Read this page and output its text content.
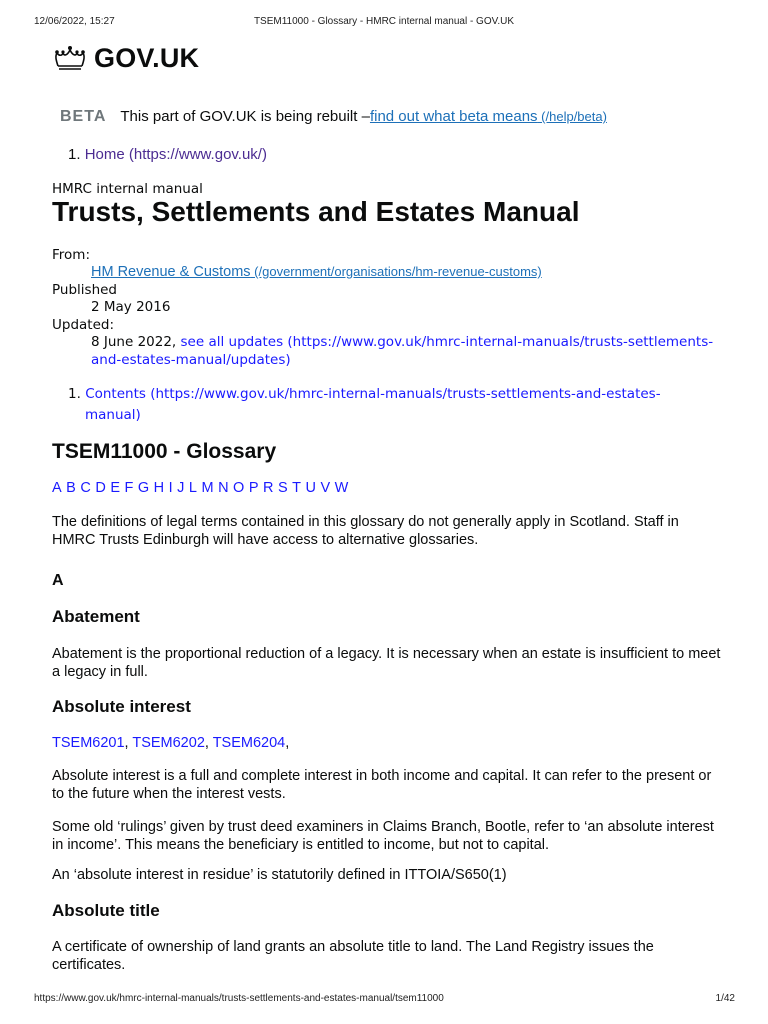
12/06/2022, 15:27	TSEM11000 - Glossary - HMRC internal manual - GOV.UK
GOV.UK
BETA This part of GOV.UK is being rebuilt – find out what beta means (/help/beta)
1. Home (https://www.gov.uk/)
HMRC internal manual
Trusts, Settlements and Estates Manual
From:
HM Revenue & Customs (/government/organisations/hm-revenue-customs)
Published
2 May 2016
Updated:
8 June 2022, see all updates (https://www.gov.uk/hmrc-internal-manuals/trusts-settlements-
and-estates-manual/updates)
1. Contents (https://www.gov.uk/hmrc-internal-manuals/trusts-settlements-and-estates-
manual)
TSEM11000 - Glossary
A B C D E F G H I J L M N O P R S T U V W
The definitions of legal terms contained in this glossary do not generally apply in Scotland. Staff in HMRC Trusts Edinburgh will have access to alternative glossaries.
A
Abatement
Abatement is the proportional reduction of a legacy. It is necessary when an estate is insufficient to meet a legacy in full.
Absolute interest
TSEM6201, TSEM6202, TSEM6204,
Absolute interest is a full and complete interest in both income and capital. It can refer to the present or to the future when the interest vests.
Some old ‘rulings’ given by trust deed examiners in Claims Branch, Bootle, refer to ‘an absolute interest in income’. This means the beneficiary is entitled to income, but not to capital.
An ‘absolute interest in residue’ is statutorily defined in ITTOIA/S650(1)
Absolute title
A certificate of ownership of land grants an absolute title to land. The Land Registry issues the certificates.
https://www.gov.uk/hmrc-internal-manuals/trusts-settlements-and-estates-manual/tsem11000	1/42
